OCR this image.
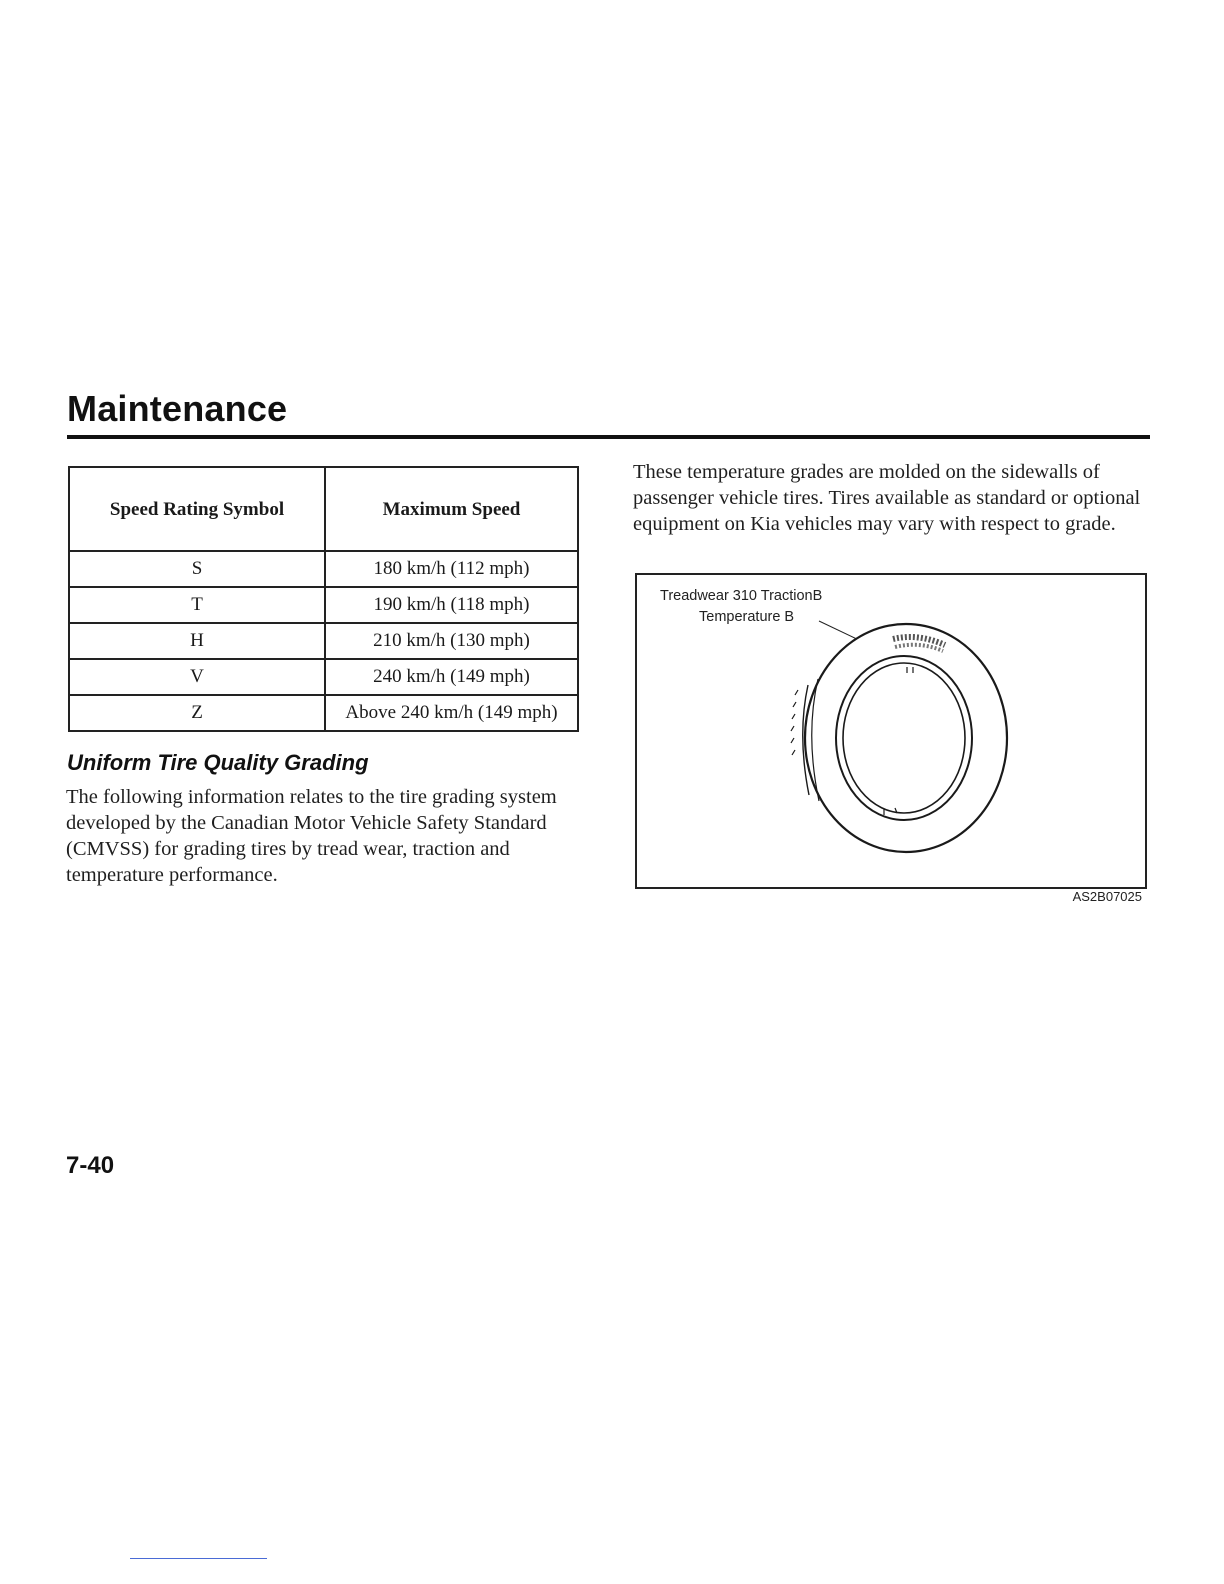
Maintenance
Speed Rating Symbol	Maximum Speed
S	180 km/h (112 mph)
T	190 km/h (118 mph)
H	210 km/h (130 mph)
V	240 km/h (149 mph)
Z	Above 240 km/h (149 mph)
Uniform Tire Quality Grading

The following information relates to the tire grading system developed by the Canadian Motor Vehicle Safety Standard (CMVSS) for grading tires by tread wear, traction and temperature performance.

These temperature grades are molded on the sidewalls of passenger vehicle tires. Tires available as standard or optional equipment on Kia vehicles may vary with respect to grade.

Treadwear 310 TractionB
Temperature B
AS2B07025
7-40
